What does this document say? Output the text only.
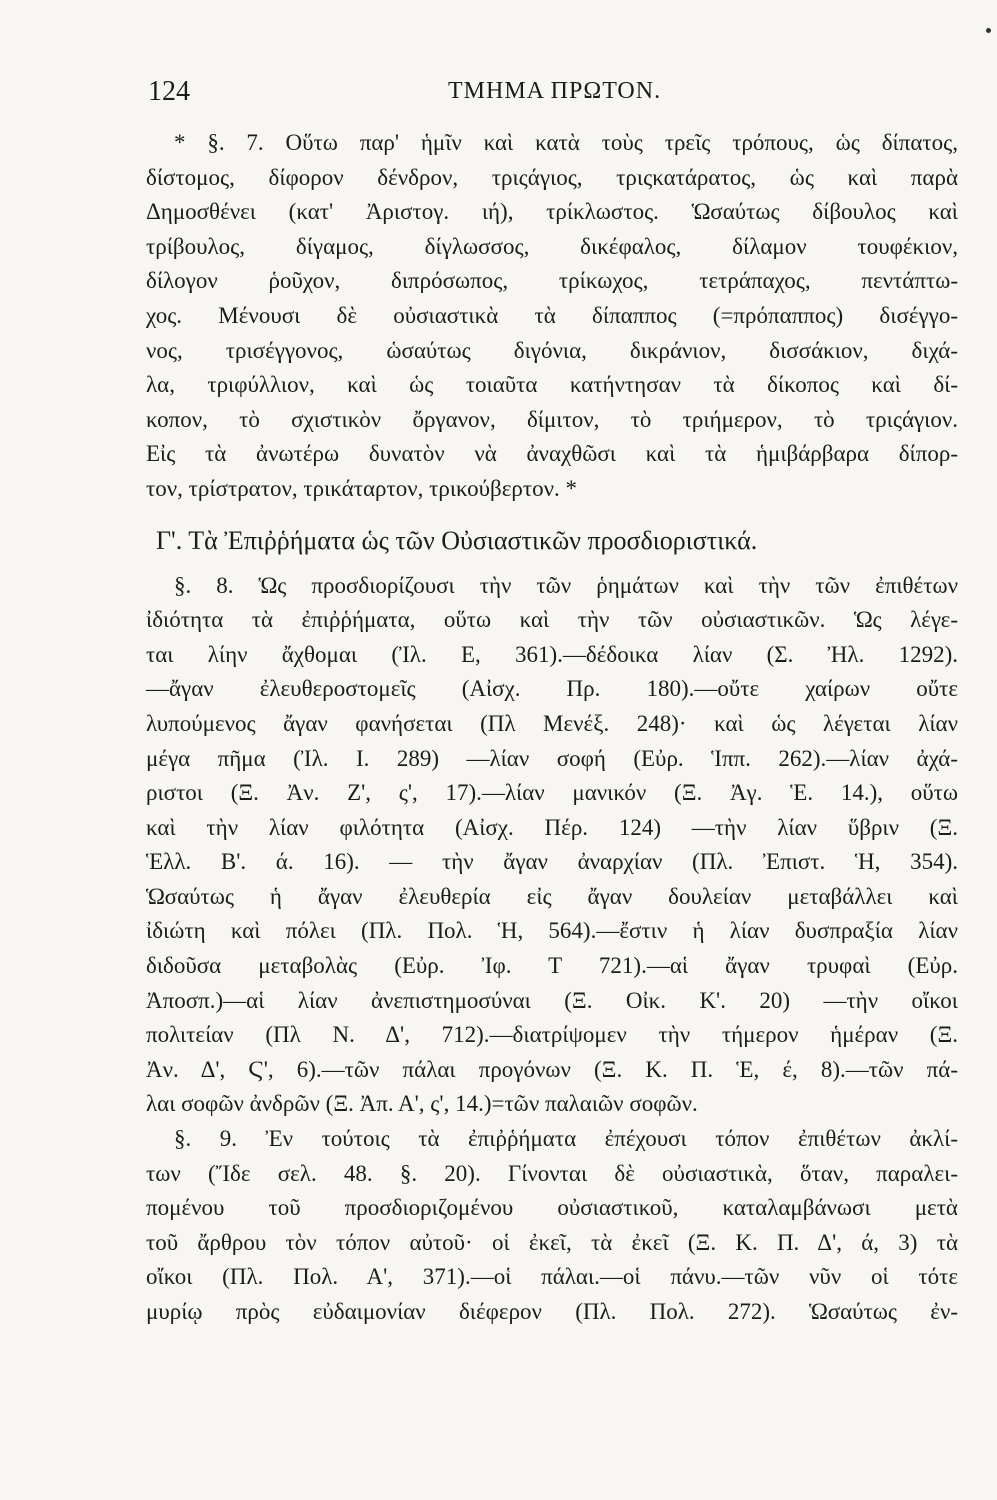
124	ΤΜΗΜΑ ΠΡΩΤΟΝ.
* §. 7. Οὕτω παρ' ἡμῖν καὶ κατὰ τοὺς τρεῖς τρόπους, ὡς δίπατος,
δίστομος, δίφορον δένδρον, τριςάγιος, τριςκατάρατος, ὡς καὶ παρὰ
Δημοσθένει (κατ' Ἀριστογ. ιή), τρίκλωστος. Ὡσαύτως δίβουλος καὶ
τρίβουλος, δίγαμος, δίγλωσσος, δικέφαλος, δίλαμον τουφέκιον,
δίλογον ῥοῦχον, διπρόσωπος, τρίκωχος, τετράπαχος, πεντάπτω-
χος. Μένουσι δὲ οὐσιαστικὰ τὰ δίπαππος (=πρόπαππος) δισέγγο-
νος, τρισέγγονος, ὡσαύτως διγόνια, δικράνιον, δισσάκιον, διχά-
λα, τριφύλλιον, καὶ ὡς τοιαῦτα κατήντησαν τὰ δίκοπος καὶ δί-
κοπον, τὸ σχιστικὸν ὄργανον, δίμιτον, τὸ τριήμερον, τὸ τριςάγιον.
Εἰς τὰ ἀνωτέρω δυνατὸν νὰ ἀναχθῶσι καὶ τὰ ἡμιβάρβαρα δίπορ-
τον, τρίστρατον, τρικάταρτον, τρικούβερτον. *
Γ'. Τὰ Ἐπιῤῥήματα ὡς τῶν Οὐσιαστικῶν προσδιοριστικά.
§. 8. Ὡς προσδιορίζουσι τὴν τῶν ῥημάτων καὶ τὴν τῶν ἐπιθέτων
ἰδιότητα τὰ ἐπιῤῥήματα, οὕτω καὶ τὴν τῶν οὐσιαστικῶν. Ὡς λέγε-
ται λίην ἄχθομαι (Ἰλ. Ε, 361).—δέδοικα λίαν (Σ. Ἠλ. 1292).
—ἄγαν ἐλευθεροστομεῖς (Αἰσχ. Πρ. 180).—οὔτε χαίρων οὔτε
λυπούμενος ἄγαν φανήσεται (Πλ Μενέξ. 248)· καὶ ὡς λέγεται λίαν
μέγα πῆμα (Ἰλ. Ι. 289) —λίαν σοφή (Εὐρ. Ἱππ. 262).—λίαν ἀχά-
ριστοι (Ξ. Ἀν. Ζ', ς', 17).—λίαν μανικόν (Ξ. Ἀγ. Ἑ. 14.), οὕτω
καὶ τὴν λίαν φιλότητα (Αἰσχ. Πέρ. 124) —τὴν λίαν ὕβριν (Ξ.
Ἑλλ. Β'. ά. 16). — τὴν ἄγαν ἀναρχίαν (Πλ. Ἐπιστ. Ἡ, 354).
Ὡσαύτως ἡ ἄγαν ἐλευθερία εἰς ἄγαν δουλείαν μεταβάλλει καὶ
ἰδιώτη καὶ πόλει (Πλ. Πολ. Ἡ, 564).—ἔστιν ἡ λίαν δυσπραξία λίαν
διδοῦσα μεταβολὰς (Εὐρ. Ἰφ. Τ 721).—αἱ ἄγαν τρυφαὶ (Εὐρ.
Ἀποσπ.)—αἱ λίαν ἀνεπιστημοσύναι (Ξ. Οἰκ. Κ'. 20) —τὴν οἴκοι
πολιτείαν (Πλ Ν. Δ', 712).—διατρίψομεν τὴν τήμερον ἡμέραν (Ξ.
Ἀν. Δ', Ϛ', 6).—τῶν πάλαι προγόνων (Ξ. Κ. Π. Ἑ, έ, 8).—τῶν πά-
λαι σοφῶν ἀνδρῶν (Ξ. Ἀπ. Α', ς', 14.)=τῶν παλαιῶν σοφῶν.
§. 9. Ἐν τούτοις τὰ ἐπιῤῥήματα ἐπέχουσι τόπον ἐπιθέτων ἀκλί-
των (Ἴδε σελ. 48. §. 20). Γίνονται δὲ οὐσιαστικὰ, ὅταν, παραλει-
πομένου τοῦ προσδιοριζομένου οὐσιαστικοῦ, καταλαμβάνωσι μετὰ
τοῦ ἄρθρου τὸν τόπον αὐτοῦ· οἱ ἐκεῖ, τὰ ἐκεῖ (Ξ. Κ. Π. Δ', ά, 3) τὰ
οἴκοι (Πλ. Πολ. Α', 371).—οἱ πάλαι.—οἱ πάνυ.—τῶν νῦν οἱ τότε
μυρίῳ πρὸς εὐδαιμονίαν διέφερον (Πλ. Πολ. 272). Ὡσαύτως ἐν-
